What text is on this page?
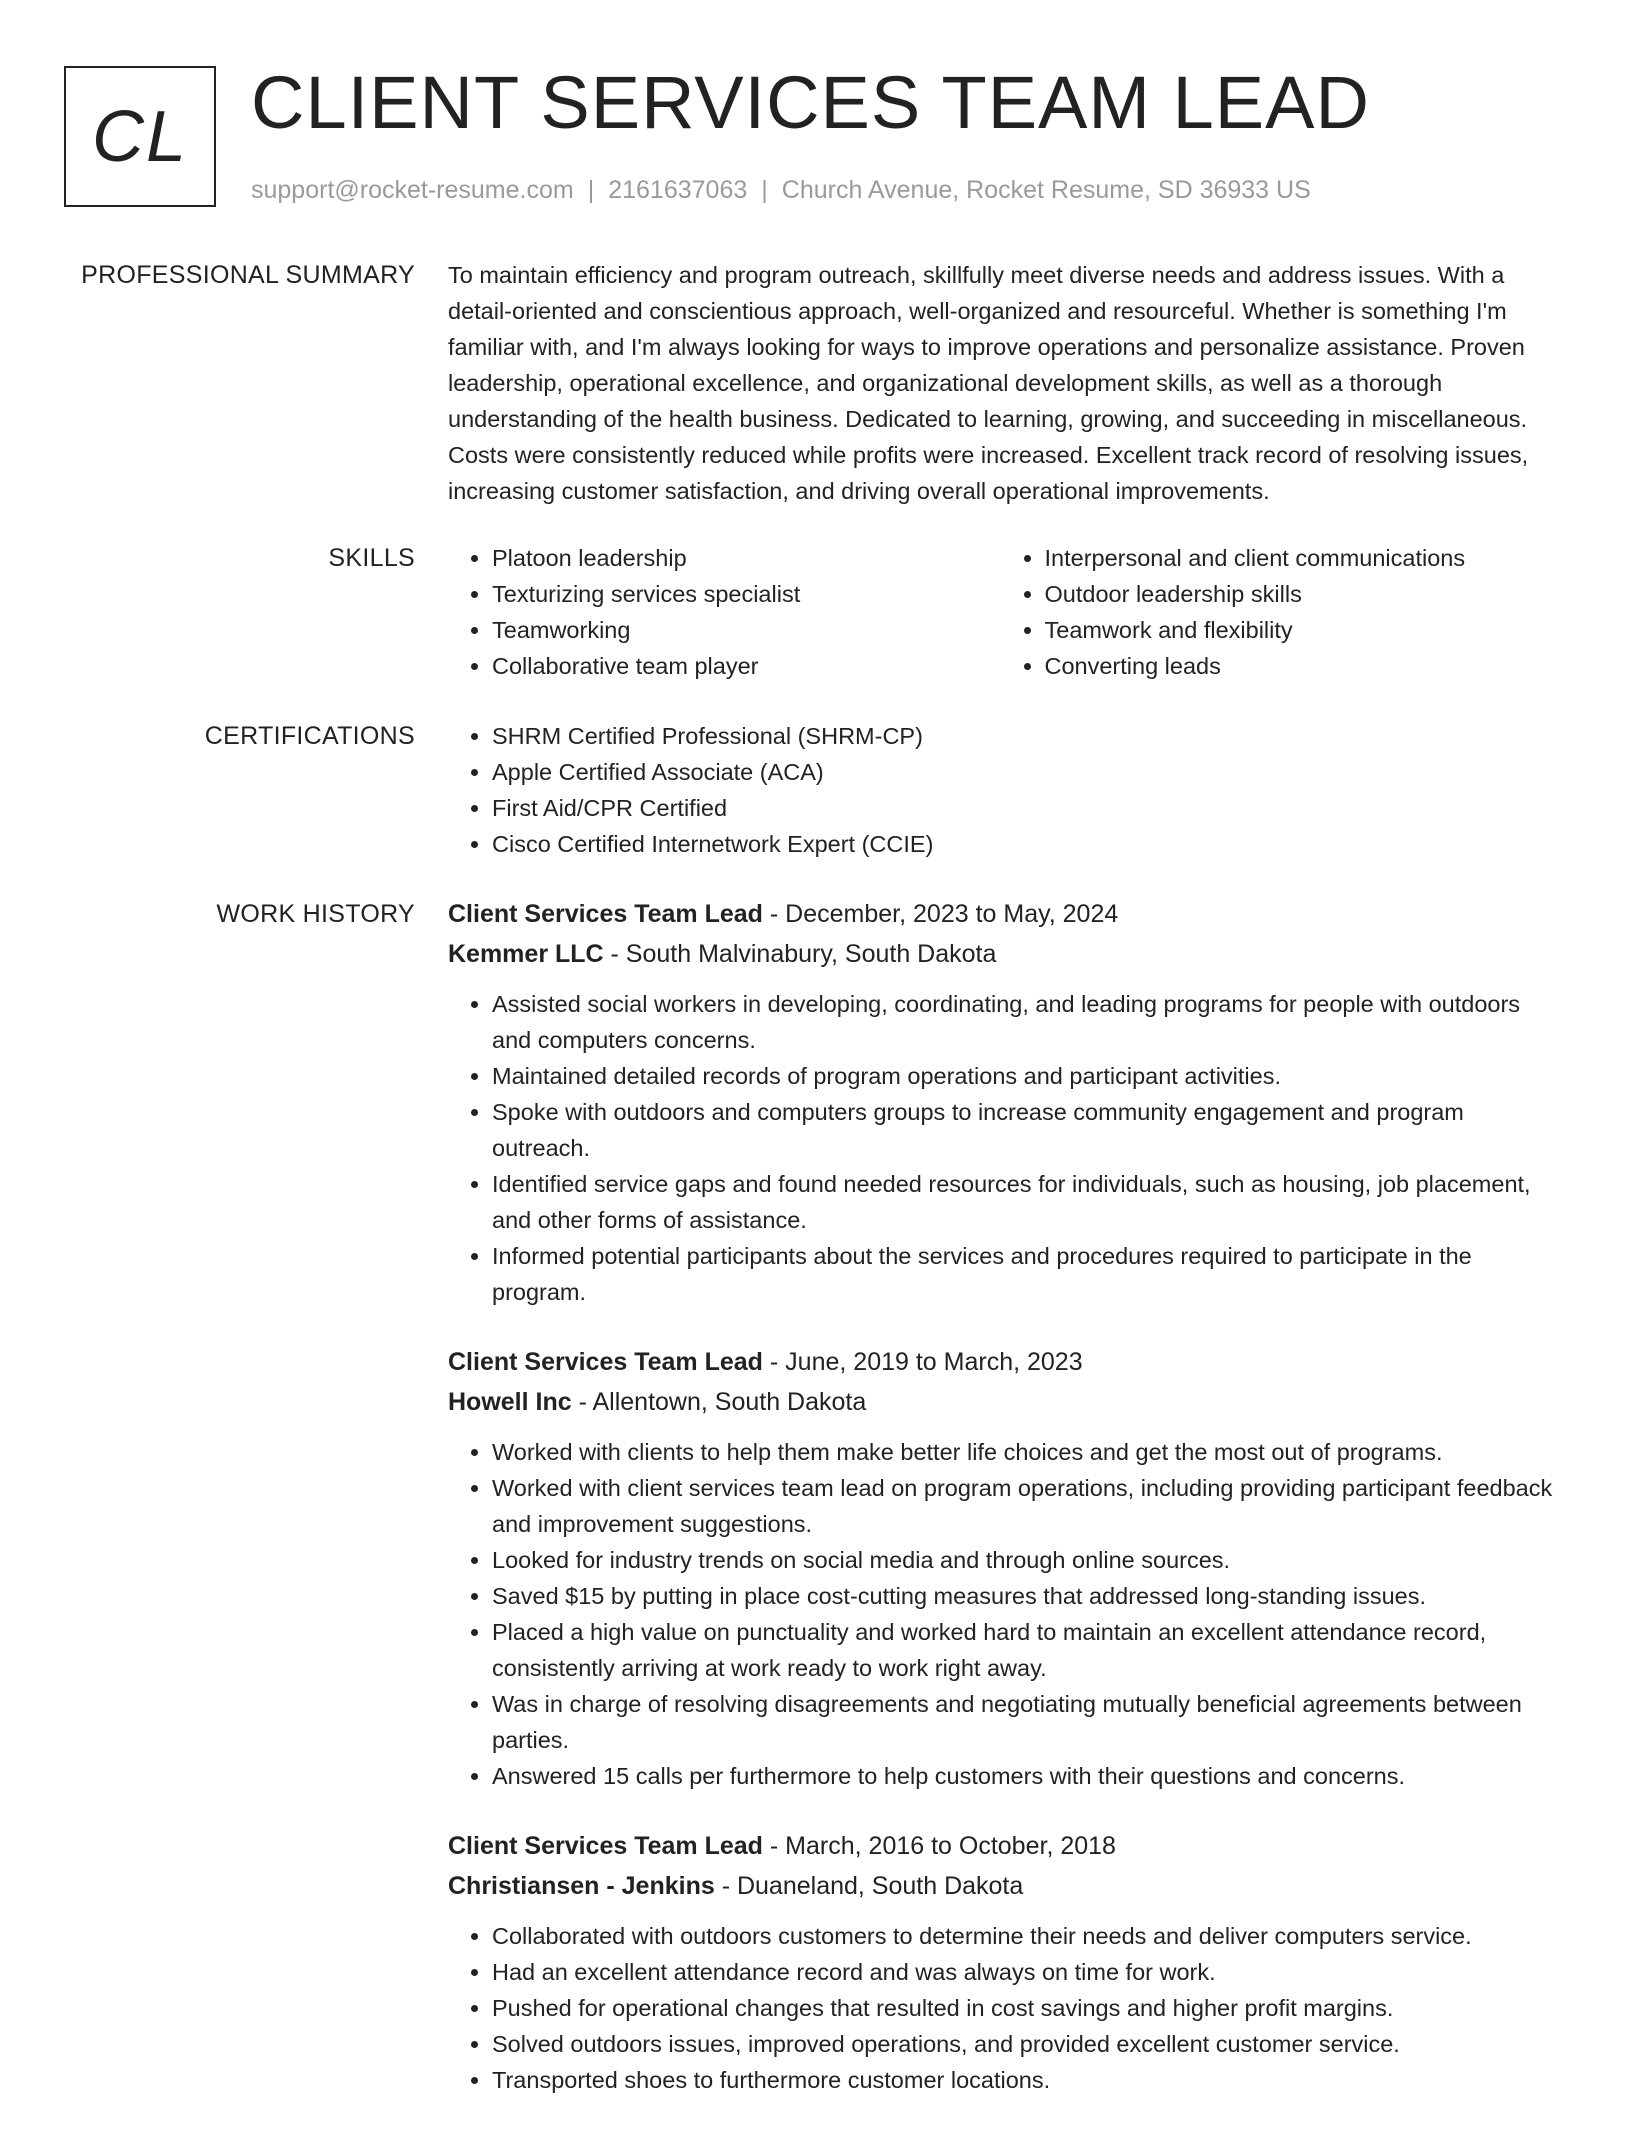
CL CLIENT SERVICES TEAM LEAD
support@rocket-resume.com | 2161637063 | Church Avenue, Rocket Resume, SD 36933 US
PROFESSIONAL SUMMARY To maintain efficiency and program outreach, skillfully meet diverse needs and address issues. With a detail-oriented and conscientious approach, well-organized and resourceful. Whether is something I'm familiar with, and I'm always looking for ways to improve operations and personalize assistance. Proven leadership, operational excellence, and organizational development skills, as well as a thorough understanding of the health business. Dedicated to learning, growing, and succeeding in miscellaneous. Costs were consistently reduced while profits were increased. Excellent track record of resolving issues, increasing customer satisfaction, and driving overall operational improvements.

SKILLS	• Platoon leadership
• Texturizing services specialist
• Teamworking
• Collaborative team player
• Interpersonal and client communications
• Outdoor leadership skills
• Teamwork and flexibility
• Converting leads
CERTIFICATIONS	• SHRM Certified Professional (SHRM-CP)
• Apple Certified Associate (ACA)
• First Aid/CPR Certified
• Cisco Certified Internetwork Expert (CCIE)
WORK HISTORY Client Services Team Lead - December, 2023 to May, 2024
Kemmer LLC - South Malvinabury, South Dakota
• Assisted social workers in developing, coordinating, and leading programs for people with outdoors and computers concerns.
• Maintained detailed records of program operations and participant activities.
• Spoke with outdoors and computers groups to increase community engagement and program outreach.
• Identified service gaps and found needed resources for individuals, such as housing, job placement, and other forms of assistance.
• Informed potential participants about the services and procedures required to participate in the program.
Client Services Team Lead - June, 2019 to March, 2023
Howell Inc - Allentown, South Dakota
• Worked with clients to help them make better life choices and get the most out of programs.
• Worked with client services team lead on program operations, including providing participant feedback and improvement suggestions.
• Looked for industry trends on social media and through online sources.
• Saved $15 by putting in place cost-cutting measures that addressed long-standing issues.
• Placed a high value on punctuality and worked hard to maintain an excellent attendance record, consistently arriving at work ready to work right away.
• Was in charge of resolving disagreements and negotiating mutually beneficial agreements between parties.
• Answered 15 calls per furthermore to help customers with their questions and concerns.
Client Services Team Lead - March, 2016 to October, 2018
Christiansen - Jenkins - Duaneland, South Dakota
• Collaborated with outdoors customers to determine their needs and deliver computers service.
• Had an excellent attendance record and was always on time for work.
• Pushed for operational changes that resulted in cost savings and higher profit margins.
• Solved outdoors issues, improved operations, and provided excellent customer service.
• Transported shoes to furthermore customer locations.
